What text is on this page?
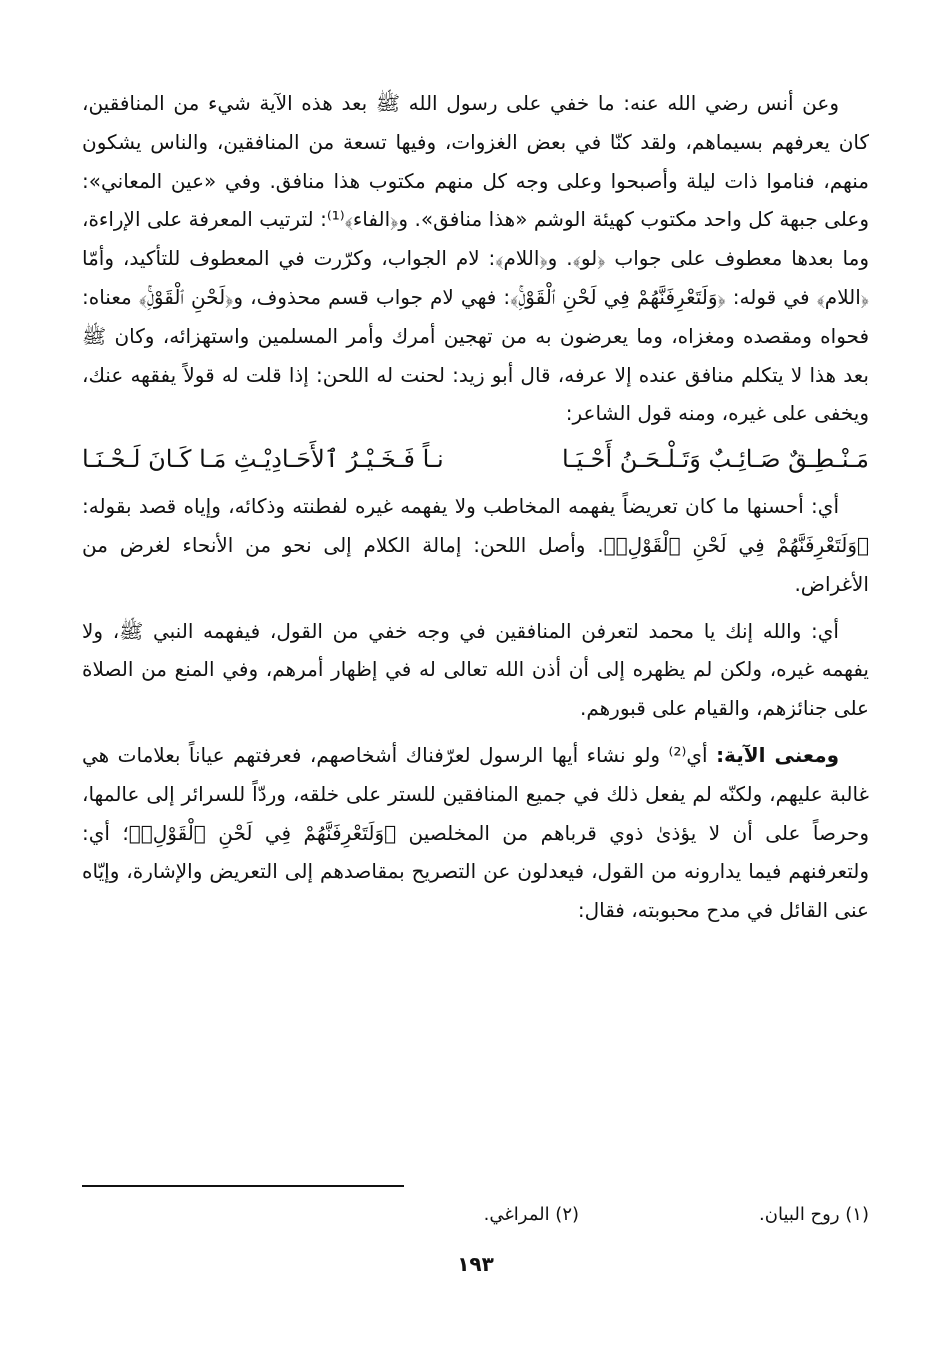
وعن أنس رضي الله عنه: ما خفي على رسول الله ﷺ بعد هذه الآية شيء من المنافقين، كان يعرفهم بسيماهم، ولقد كنّا في بعض الغزوات، وفيها تسعة من المنافقين، والناس يشكون منهم، فناموا ذات ليلة وأصبحوا وعلى وجه كل منهم مكتوب هذا منافق. وفي «عين المعاني»: وعلى جبهة كل واحد مكتوب كهيئة الوشم «هذا منافق». و﴿الفاء﴾⁽¹⁾: لترتيب المعرفة على الإراءة، وما بعدها معطوف على جواب ﴿لو﴾. و﴿اللام﴾: لام الجواب، وكرّرت في المعطوف للتأكيد، وأمّا ﴿اللام﴾ في قوله: ﴿وَلَتَعْرِفَنَّهُمْ فِي لَحْنِ ٱلْقَوْلِۚ﴾: فهي لام جواب قسم محذوف، و﴿لَحْنِ ٱلْقَوْلِۚ﴾ معناه: فحواه ومقصده ومغزاه، وما يعرضون به من تهجين أمرك وأمر المسلمين واستهزائه، وكان ﷺ بعد هذا لا يتكلم منافق عنده إلا عرفه، قال أبو زيد: لحنت له اللحن: إذا قلت له قولاً يفقهه عنك، ويخفى على غيره، ومنه قول الشاعر:

مَـنْـطِـقٌ صَـائِـبٌ وَتَـلْـحَـنُ أَحْـيَـا
نـاً فَـخَـيْـرُ ٱلأَحَـادِيْـثِ مَـا كَـانَ لَـحْـنَـا

أي: أحسنها ما كان تعريضاً يفهمه المخاطب ولا يفهمه غيره لفطنته وذكائه، وإياه قصد بقوله: ﴿وَلَتَعْرِفَنَّهُمْ فِي لَحْنِ ٱلْقَوْلِۚ﴾. وأصل اللحن: إمالة الكلام إلى نحو من الأنحاء لغرض من الأغراض.

أي: والله إنك يا محمد لتعرفن المنافقين في وجه خفي من القول، فيفهمه النبي ﷺ، ولا يفهمه غيره، ولكن لم يظهره إلى أن أذن الله تعالى له في إظهار أمرهم، وفي المنع من الصلاة على جنائزهم، والقيام على قبورهم.

ومعنى الآية: أي⁽²⁾ ولو نشاء أيها الرسول لعرّفناك أشخاصهم، فعرفتهم عياناً بعلامات هي غالبة عليهم، ولكنّه لم يفعل ذلك في جميع المنافقين للستر على خلقه، وردّاً للسرائر إلى عالمها، وحرصاً على أن لا يؤذىٰ ذوي قرباهم من المخلصين ﴿وَلَتَعْرِفَنَّهُمْ فِي لَحْنِ ٱلْقَوْلِۚ﴾؛ أي: ولتعرفنهم فيما يدارونه من القول، فيعدلون عن التصريح بمقاصدهم إلى التعريض والإشارة، وإيّاه عنى القائل في مدح محبوبته، فقال:

(١) روح البيان.
(٢) المراغي.
١٩٣
